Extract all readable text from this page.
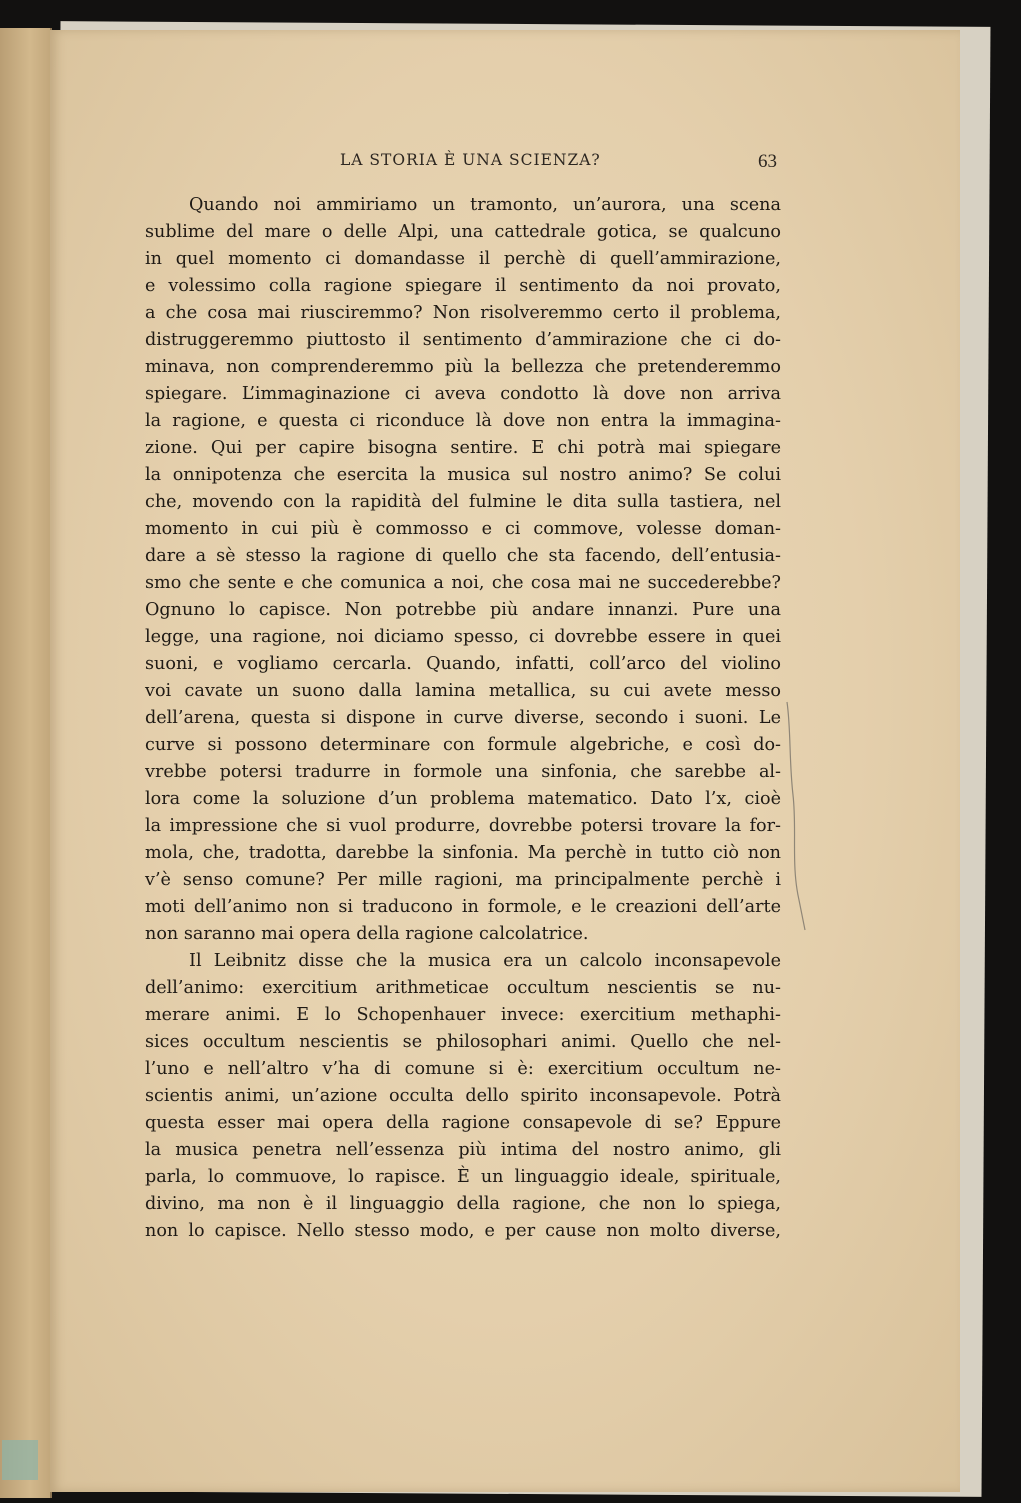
LA STORIA È UNA SCIENZA?	63
Quando noi ammiriamo un tramonto, un’aurora, una scena
sublime del mare o delle Alpi, una cattedrale gotica, se qualcuno
in quel momento ci domandasse il perchè di quell’ammirazione,
e volessimo colla ragione spiegare il sentimento da noi provato,
a che cosa mai riusciremmo? Non risolveremmo certo il problema,
distruggeremmo piuttosto il sentimento d’ammirazione che ci do-
minava, non comprenderemmo più la bellezza che pretenderemmo
spiegare. L’immaginazione ci aveva condotto là dove non arriva
la ragione, e questa ci riconduce là dove non entra la immagina-
zione. Qui per capire bisogna sentire. E chi potrà mai spiegare
la onnipotenza che esercita la musica sul nostro animo? Se colui
che, movendo con la rapidità del fulmine le dita sulla tastiera, nel
momento in cui più è commosso e ci commove, volesse doman-
dare a sè stesso la ragione di quello che sta facendo, dell’entusia-
smo che sente e che comunica a noi, che cosa mai ne succederebbe?
Ognuno lo capisce. Non potrebbe più andare innanzi. Pure una
legge, una ragione, noi diciamo spesso, ci dovrebbe essere in quei
suoni, e vogliamo cercarla. Quando, infatti, coll’arco del violino
voi cavate un suono dalla lamina metallica, su cui avete messo
dell’arena, questa si dispone in curve diverse, secondo i suoni. Le
curve si possono determinare con formule algebriche, e così do-
vrebbe potersi tradurre in formole una sinfonia, che sarebbe al-
lora come la soluzione d’un problema matematico. Dato l’x, cioè
la impressione che si vuol produrre, dovrebbe potersi trovare la for-
mola, che, tradotta, darebbe la sinfonia. Ma perchè in tutto ciò non
v’è senso comune? Per mille ragioni, ma principalmente perchè i
moti dell’animo non si traducono in formole, e le creazioni dell’arte
non saranno mai opera della ragione calcolatrice.
Il Leibnitz disse che la musica era un calcolo inconsapevole
dell’animo: exercitium arithmeticae occultum nescientis se nu-
merare animi. E lo Schopenhauer invece: exercitium methaphi-
sices occultum nescientis se philosophari animi. Quello che nel-
l’uno e nell’altro v’ha di comune si è: exercitium occultum ne-
scientis animi, un’azione occulta dello spirito inconsapevole. Potrà
questa esser mai opera della ragione consapevole di se? Eppure
la musica penetra nell’essenza più intima del nostro animo, gli
parla, lo commuove, lo rapisce. È un linguaggio ideale, spirituale,
divino, ma non è il linguaggio della ragione, che non lo spiega,
non lo capisce. Nello stesso modo, e per cause non molto diverse,
